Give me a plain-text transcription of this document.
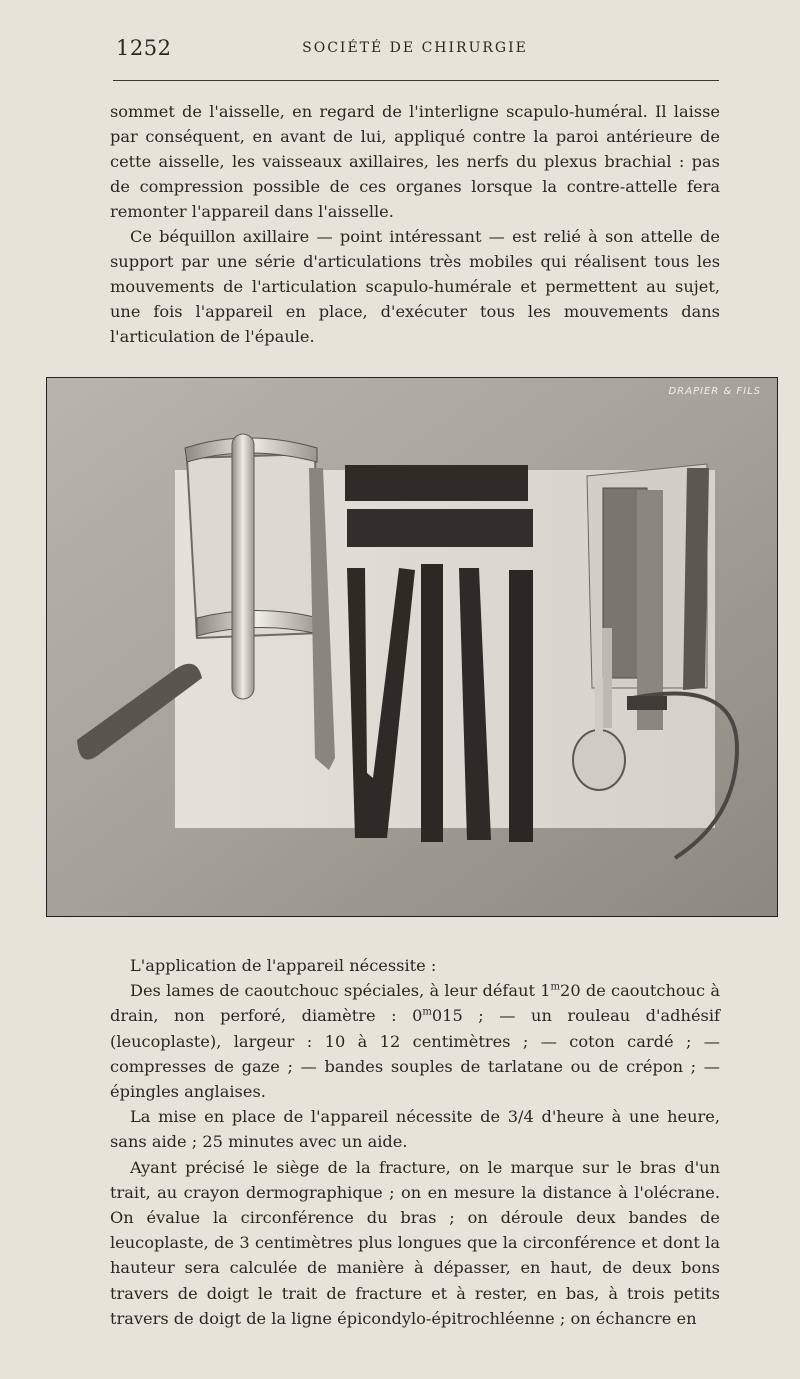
1252	SOCIÉTÉ DE CHIRURGIE

sommet de l'aisselle, en regard de l'interligne scapulo-huméral. Il laisse par conséquent, en avant de lui, appliqué contre la paroi antérieure de cette aisselle, les vaisseaux axillaires, les nerfs du plexus brachial : pas de compression possible de ces organes lorsque la contre-attelle fera remonter l'appareil dans l'aisselle.

Ce béquillon axillaire — point intéressant — est relié à son attelle de support par une série d'articulations très mobiles qui réalisent tous les mouvements de l'articulation scapulo-humérale et permettent au sujet, une fois l'appareil en place, d'exécuter tous les mouvements dans l'articulation de l'épaule.

DRAPIER & FILS

L'application de l'appareil nécessite :

Des lames de caoutchouc spéciales, à leur défaut 1$^m$20 de caoutchouc à drain, non perforé, diamètre : 0$^m$015 ; — un rouleau d'adhésif (leucoplaste), largeur : 10 à 12 centimètres ; — coton cardé ; — compresses de gaze ; — bandes souples de tarlatane ou de crépon ; — épingles anglaises.

La mise en place de l'appareil nécessite de 3/4 d'heure à une heure, sans aide ; 25 minutes avec un aide.

Ayant précisé le siège de la fracture, on le marque sur le bras d'un trait, au crayon dermographique ; on en mesure la distance à l'olécrane. On évalue la circonférence du bras ; on déroule deux bandes de leucoplaste, de 3 centimètres plus longues que la circonférence et dont la hauteur sera calculée de manière à dépasser, en haut, de deux bons travers de doigt le trait de fracture et à rester, en bas, à trois petits travers de doigt de la ligne épicondylo-épitrochléenne ; on échancre en
